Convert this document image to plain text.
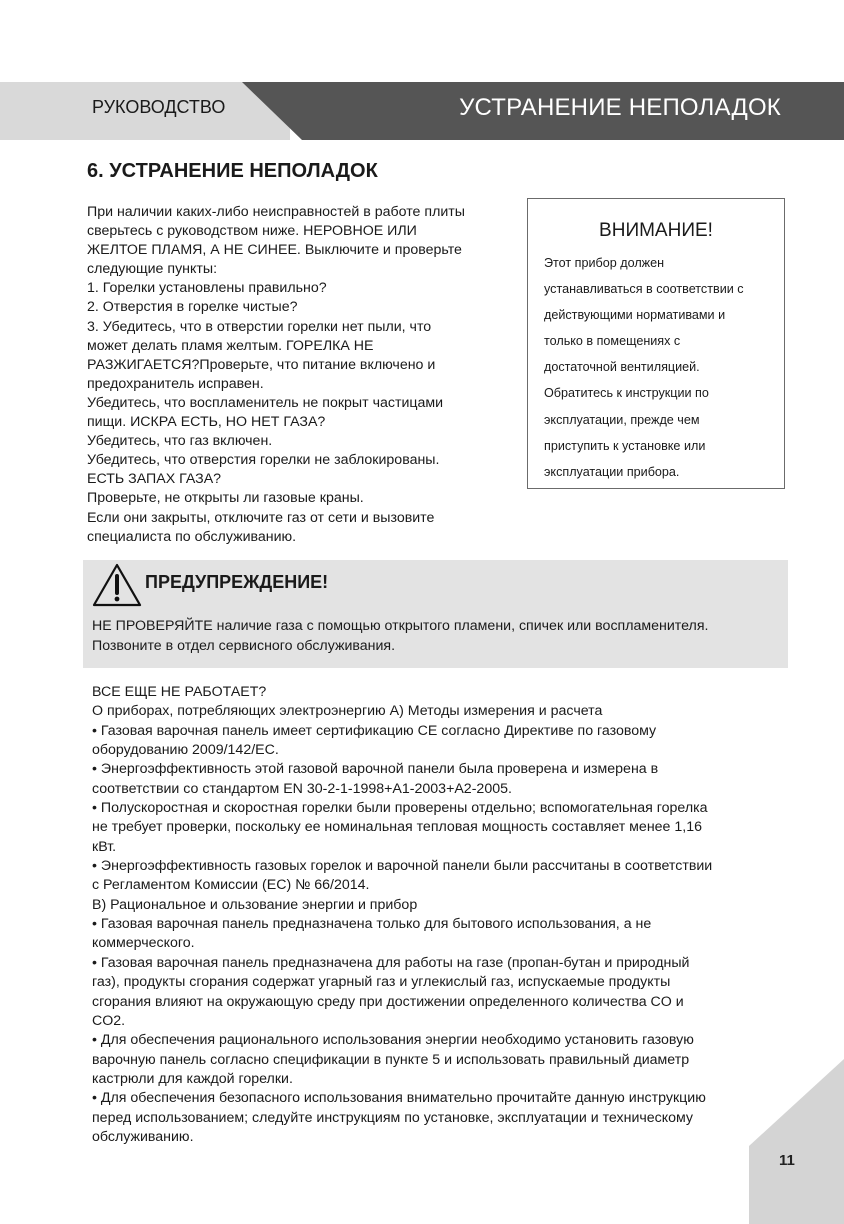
РУКОВОДСТВО	УСТРАНЕНИЕ НЕПОЛАДОК
6. УСТРАНЕНИЕ НЕПОЛАДОК
При наличии каких-либо неисправностей в работе плиты
сверьтесь с руководством ниже. НЕРОВНОЕ ИЛИ
ЖЕЛТОЕ ПЛАМЯ, А НЕ СИНЕЕ. Выключите и проверьте
следующие пункты:
1. Горелки установлены правильно?
2. Отверстия в горелке чистые?
3. Убедитесь, что в отверстии горелки нет пыли, что
может делать пламя желтым. ГОРЕЛКА НЕ
РАЗЖИГАЕТСЯ?Проверьте, что питание включено и
предохранитель исправен.
Убедитесь, что воспламенитель не покрыт частицами
пищи. ИСКРА ЕСТЬ, НО НЕТ ГАЗА?
Убедитесь, что газ включен.
Убедитесь, что отверстия горелки не заблокированы.
ЕСТЬ ЗАПАХ ГАЗА?
Проверьте, не открыты ли газовые краны.
Если они закрыты, отключите газ от сети и вызовите
специалиста по обслуживанию.
ВНИМАНИЕ!
Этот прибор должен
устанавливаться в соответствии с
действующими нормативами и
только в помещениях с
достаточной вентиляцией.
Обратитесь к инструкции по
эксплуатации, прежде чем
приступить к установке или
эксплуатации прибора.
ПРЕДУПРЕЖДЕНИЕ!
НЕ ПРОВЕРЯЙТЕ наличие газа с помощью открытого пламени, спичек или воспламенителя.
Позвоните в отдел сервисного обслуживания.
ВСЕ ЕЩЕ НЕ РАБОТАЕТ?
О приборах, потребляющих электроэнергию A) Методы измерения и расчета
• Газовая варочная панель имеет сертификацию CE согласно Директиве по газовому
оборудованию 2009/142/EC.
• Энергоэффективность этой газовой варочной панели была проверена и измерена в
соответствии со стандартом EN 30-2-1-1998+A1-2003+A2-2005.
• Полускоростная и скоростная горелки были проверены отдельно; вспомогательная горелка
не требует проверки, поскольку ее номинальная тепловая мощность составляет менее 1,16
кВт.
• Энергоэффективность газовых горелок и варочной панели были рассчитаны в соответствии
с Регламентом Комиссии (ЕС) № 66/2014.
B) Рациональное и ользование энергии и прибор
• Газовая варочная панель предназначена только для бытового использования, а не
коммерческого.
• Газовая варочная панель предназначена для работы на газе (пропан-бутан и природный
газ), продукты сгорания содержат угарный газ и углекислый газ, испускаемые продукты
сгорания влияют на окружающую среду при достижении определенного количества CO и
CO2.
• Для обеспечения рационального использования энергии необходимо установить газовую
варочную панель согласно спецификации в пункте 5 и использовать правильный диаметр
кастрюли для каждой горелки.
• Для обеспечения безопасного использования внимательно прочитайте данную инструкцию
перед использованием; следуйте инструкциям по установке, эксплуатации и техническому
обслуживанию.
11
